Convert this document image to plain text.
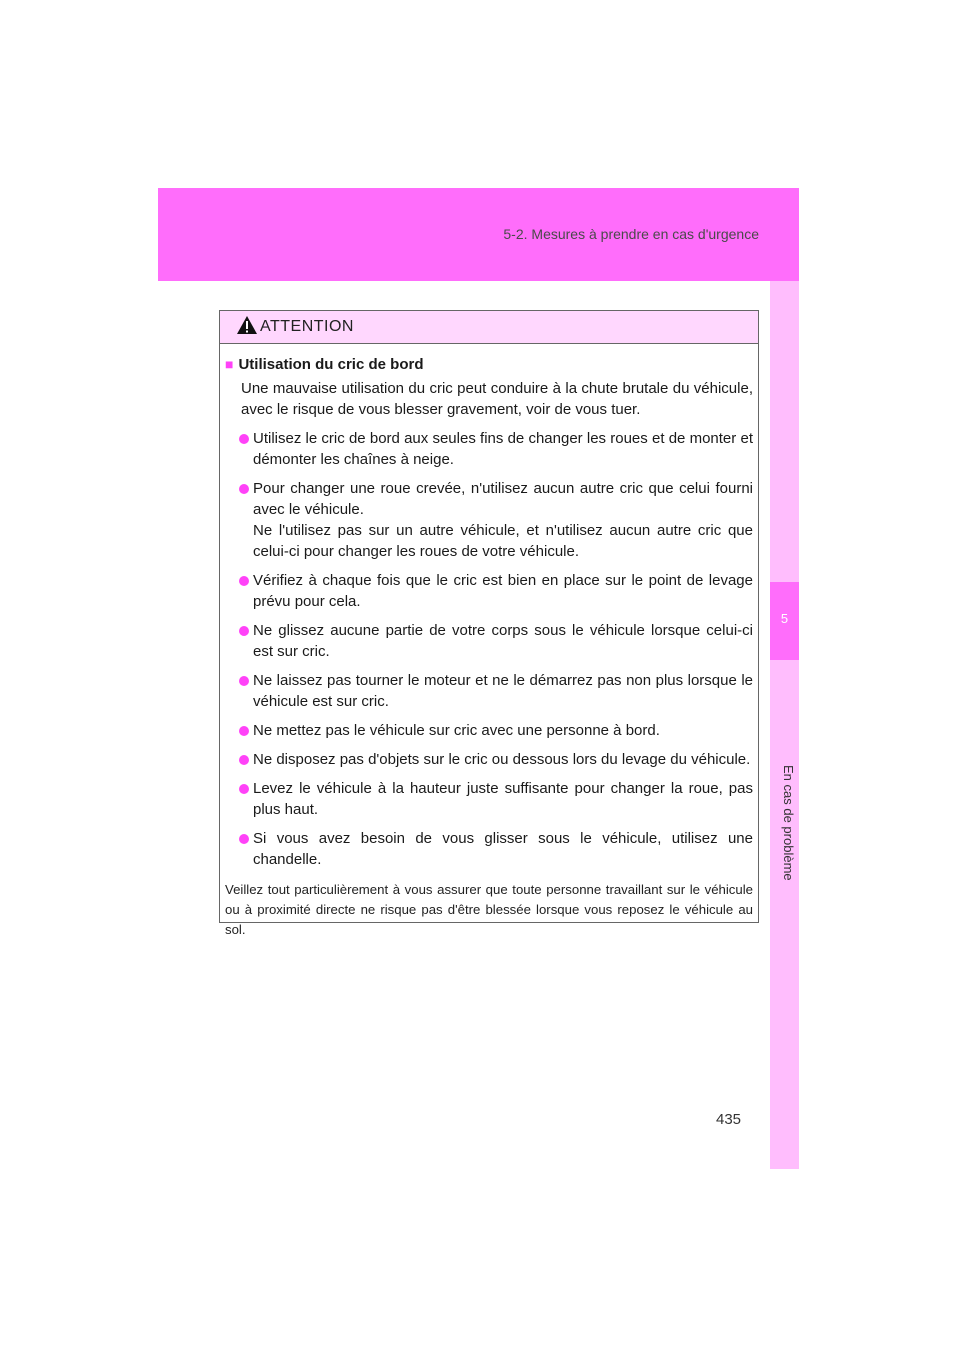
5-2. Mesures à prendre en cas d'urgence
5
En cas de problème
ATTENTION
■ Utilisation du cric de bord

Une mauvaise utilisation du cric peut conduire à la chute brutale du véhicule, avec le risque de vous blesser gravement, voir de vous tuer.

Utilisez le cric de bord aux seules fins de changer les roues et de monter et démonter les chaînes à neige.

Pour changer une roue crevée, n'utilisez aucun autre cric que celui fourni avec le véhicule.

Ne l'utilisez pas sur un autre véhicule, et n'utilisez aucun autre cric que celui-ci pour changer les roues de votre véhicule.

Vérifiez à chaque fois que le cric est bien en place sur le point de levage prévu pour cela.

Ne glissez aucune partie de votre corps sous le véhicule lorsque celui-ci est sur cric.

Ne laissez pas tourner le moteur et ne le démarrez pas non plus lorsque le véhicule est sur cric.

Ne mettez pas le véhicule sur cric avec une personne à bord.

Ne disposez pas d'objets sur le cric ou dessous lors du levage du véhicule.

Levez le véhicule à la hauteur juste suffisante pour changer la roue, pas plus haut.

Si vous avez besoin de vous glisser sous le véhicule, utilisez une chandelle.

Veillez tout particulièrement à vous assurer que toute personne travaillant sur le véhicule ou à proximité directe ne risque pas d'être blessée lorsque vous reposez le véhicule au sol.

435
